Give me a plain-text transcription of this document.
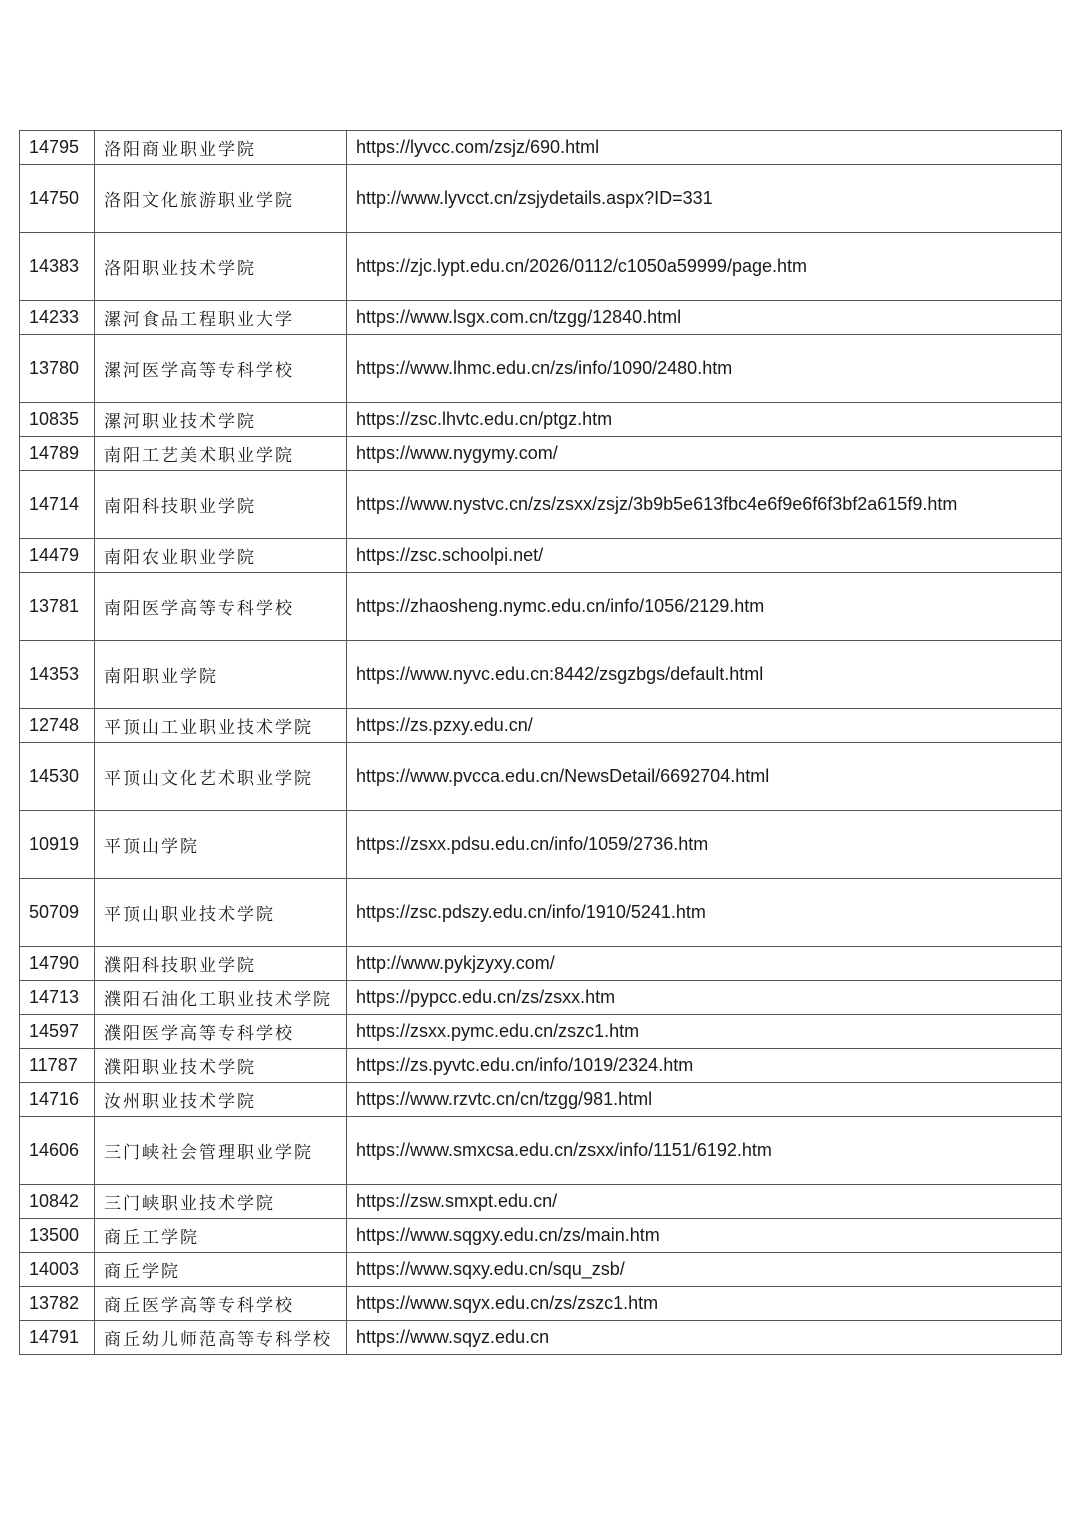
14795	洛阳商业职业学院	https://lyvcc.com/zsjz/690.html
14750	洛阳文化旅游职业学院	http://www.lyvcct.cn/zsjydetails.aspx?ID=331
14383	洛阳职业技术学院	https://zjc.lypt.edu.cn/2026/0112/c1050a59999/page.htm
14233	漯河食品工程职业大学	https://www.lsgx.com.cn/tzgg/12840.html
13780	漯河医学高等专科学校	https://www.lhmc.edu.cn/zs/info/1090/2480.htm
10835	漯河职业技术学院	https://zsc.lhvtc.edu.cn/ptgz.htm
14789	南阳工艺美术职业学院	https://www.nygymy.com/
14714	南阳科技职业学院	https://www.nystvc.cn/zs/zsxx/zsjz/3b9b5e613fbc4e6f9e6f6f3bf2a615f9.htm
14479	南阳农业职业学院	https://zsc.schoolpi.net/
13781	南阳医学高等专科学校	https://zhaosheng.nymc.edu.cn/info/1056/2129.htm
14353	南阳职业学院	https://www.nyvc.edu.cn:8442/zsgzbgs/default.html
12748	平顶山工业职业技术学院	https://zs.pzxy.edu.cn/
14530	平顶山文化艺术职业学院	https://www.pvcca.edu.cn/NewsDetail/6692704.html
10919	平顶山学院	https://zsxx.pdsu.edu.cn/info/1059/2736.htm
50709	平顶山职业技术学院	https://zsc.pdszy.edu.cn/info/1910/5241.htm
14790	濮阳科技职业学院	http://www.pykjzyxy.com/
14713	濮阳石油化工职业技术学院	https://pypcc.edu.cn/zs/zsxx.htm
14597	濮阳医学高等专科学校	https://zsxx.pymc.edu.cn/zszc1.htm
11787	濮阳职业技术学院	https://zs.pyvtc.edu.cn/info/1019/2324.htm
14716	汝州职业技术学院	https://www.rzvtc.cn/cn/tzgg/981.html
14606	三门峡社会管理职业学院	https://www.smxcsa.edu.cn/zsxx/info/1151/6192.htm
10842	三门峡职业技术学院	https://zsw.smxpt.edu.cn/
13500	商丘工学院	https://www.sqgxy.edu.cn/zs/main.htm
14003	商丘学院	https://www.sqxy.edu.cn/squ_zsb/
13782	商丘医学高等专科学校	https://www.sqyx.edu.cn/zs/zszc1.htm
14791	商丘幼儿师范高等专科学校	https://www.sqyz.edu.cn
